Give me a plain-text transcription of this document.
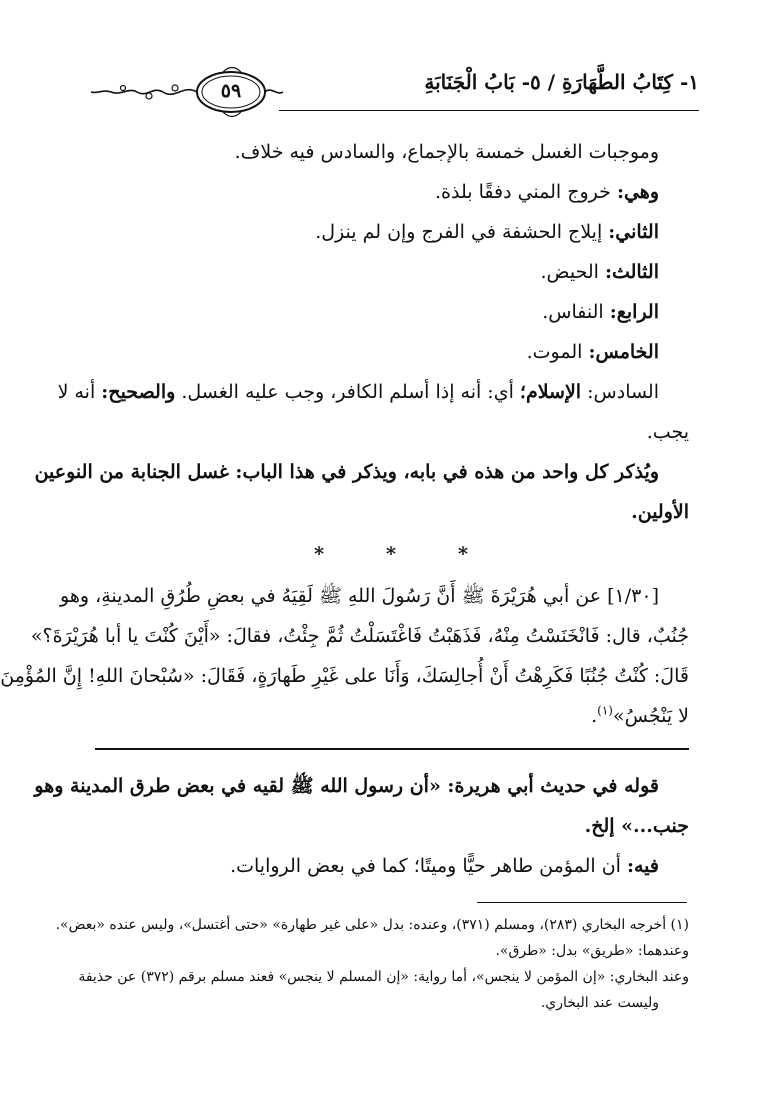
١- كِتَابُ الطَّهَارَةِ / ٥- بَابُ الْجَنَابَةِ
٥٩
وموجبات الغسل خمسة بالإجماع، والسادس فيه خلاف.
وهي: خروج المني دفقًا بلذة.
الثاني: إيلاج الحشفة في الفرج وإن لم ينزل.
الثالث: الحيض.
الرابع: النفاس.
الخامس: الموت.
السادس: الإسلام؛ أي: أنه إذا أسلم الكافر، وجب عليه الغسل. والصحيح: أنه لا
يجب.
ويُذكر كل واحد من هذه في بابه، ويذكر في هذا الباب: غسل الجنابة من النوعين
الأولين.
***
[١/٣٠] عن أبي هُرَيْرَةَ ﷺ أَنَّ رَسُولَ اللهِ ﷺ لَقِيَهُ في بعضِ طُرُقِ المدينةِ، وهو
جُنُبٌ، قال: فَانْخَنَسْتُ مِنْهُ، فَذَهَبْتُ فَاغْتَسَلْتُ ثُمَّ جِئْتُ، فقالَ: «أَيْنَ كُنْتَ يا أبا هُرَيْرَةَ؟»
قَالَ: كُنْتُ جُنُبًا فَكَرِهْتُ أَنْ أُجالِسَكَ، وَأَنَا على غَيْرِ طَهارَةٍ، فَقَالَ: «سُبْحانَ اللهِ! إِنَّ المُؤْمِنَ
لا يَنْجُسُ»$^{(١)}$.
قوله في حديث أبي هريرة: «أن رسول الله ﷺ لقيه في بعض طرق المدينة وهو
جنب...» إلخ.
فيه: أن المؤمن طاهر حيًّا وميتًا؛ كما في بعض الروايات.
(١) أخرجه البخاري (٢٨٣)، ومسلم (٣٧١)، وعنده: بدل «على غير طهارة» «حتى أغتسل»، وليس عنده «بعض».
وعندهما: «طريق» بدل: «طرق».
وعند البخاري: «إن المؤمن لا ينجس»، أما رواية: «إن المسلم لا ينجس» فعند مسلم برقم (٣٧٢) عن حذيفة
وليست عند البخاري.
